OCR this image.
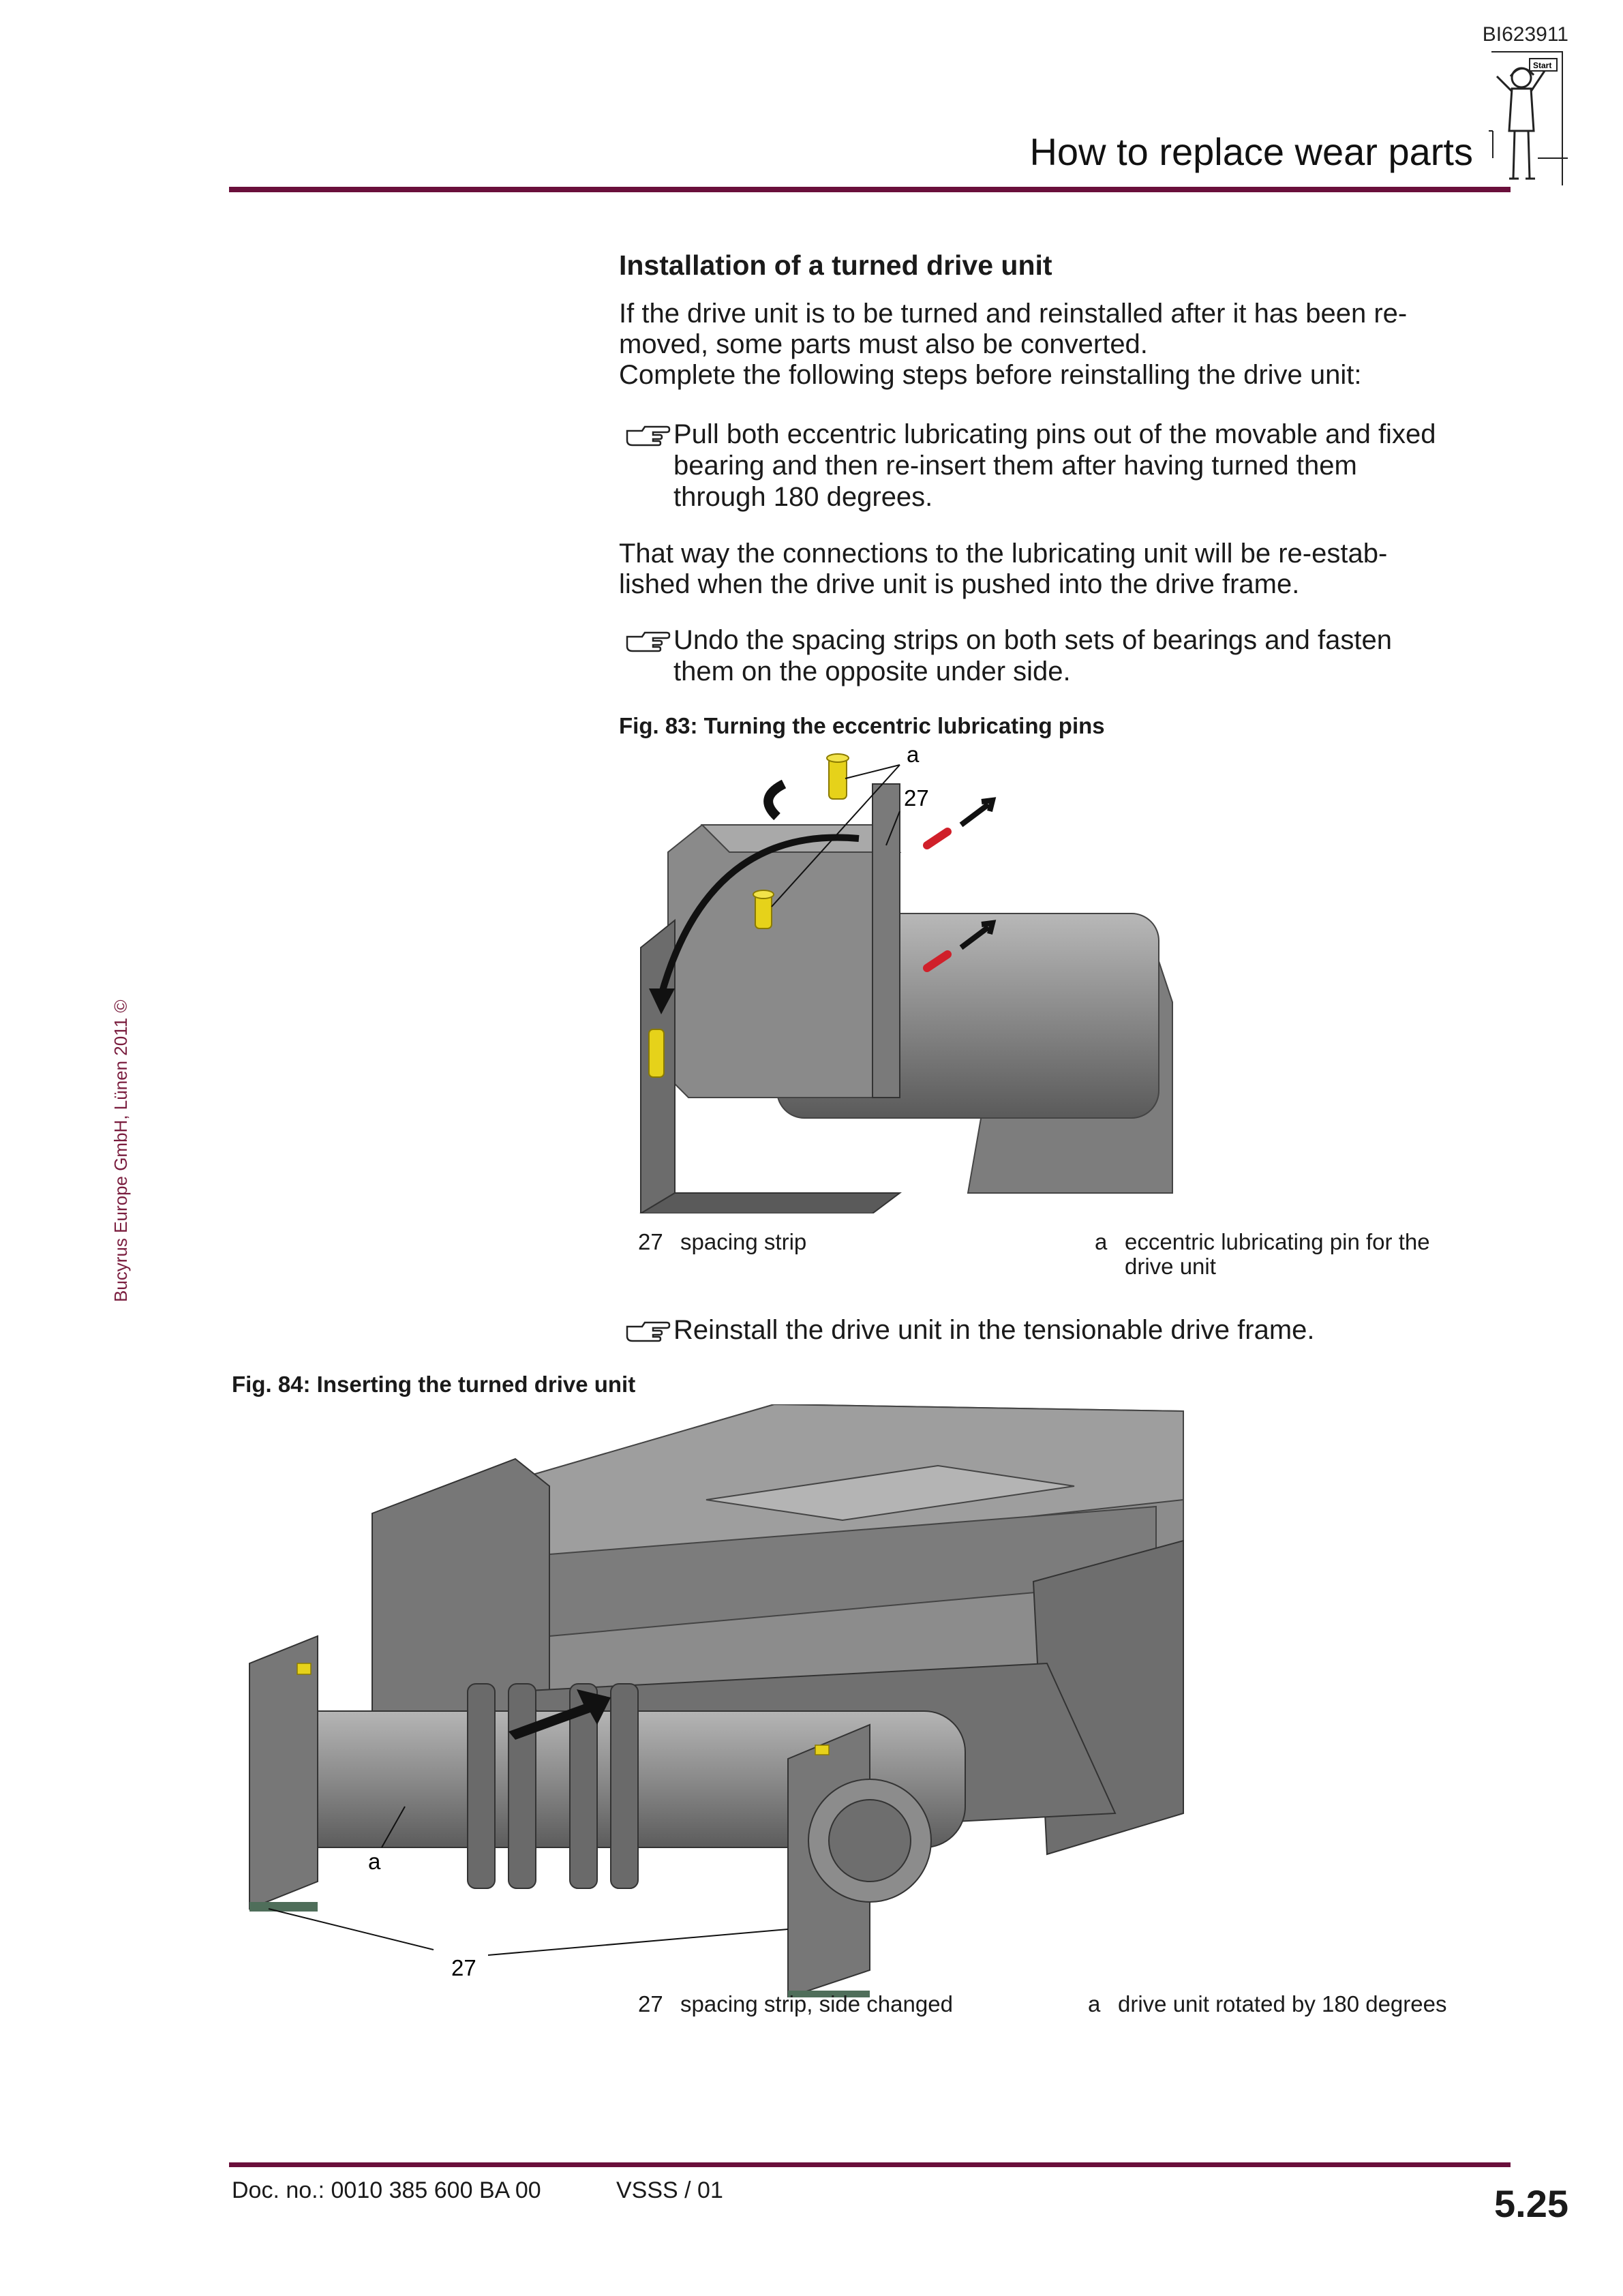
BI623911
Start
How to replace wear parts
Bucyrus Europe GmbH, Lünen 2011 ©
Installation of a turned drive unit
If the drive unit is to be turned and reinstalled after it has been re-
moved, some parts must also be converted.
Complete the following steps before reinstalling the drive unit:
Pull both eccentric lubricating pins out of the movable and fixed
bearing and then re-insert them after having turned them
through 180 degrees.
That way the connections to the lubricating unit will be re-estab-
lished when the drive unit is pushed into the drive frame.
Undo the spacing strips on both sets of bearings and fasten
them on the opposite under side.
Fig. 83: Turning the eccentric lubricating pins
a
27
27 spacing strip	a eccentric lubricating pin for the
drive unit
Reinstall the drive unit in the tensionable drive frame.
Fig. 84: Inserting the turned drive unit
a
27
27 spacing strip, side changed	a drive unit rotated by 180 degrees
Doc. no.: 0010 385 600 BA 00	VSSS / 01	5.25
